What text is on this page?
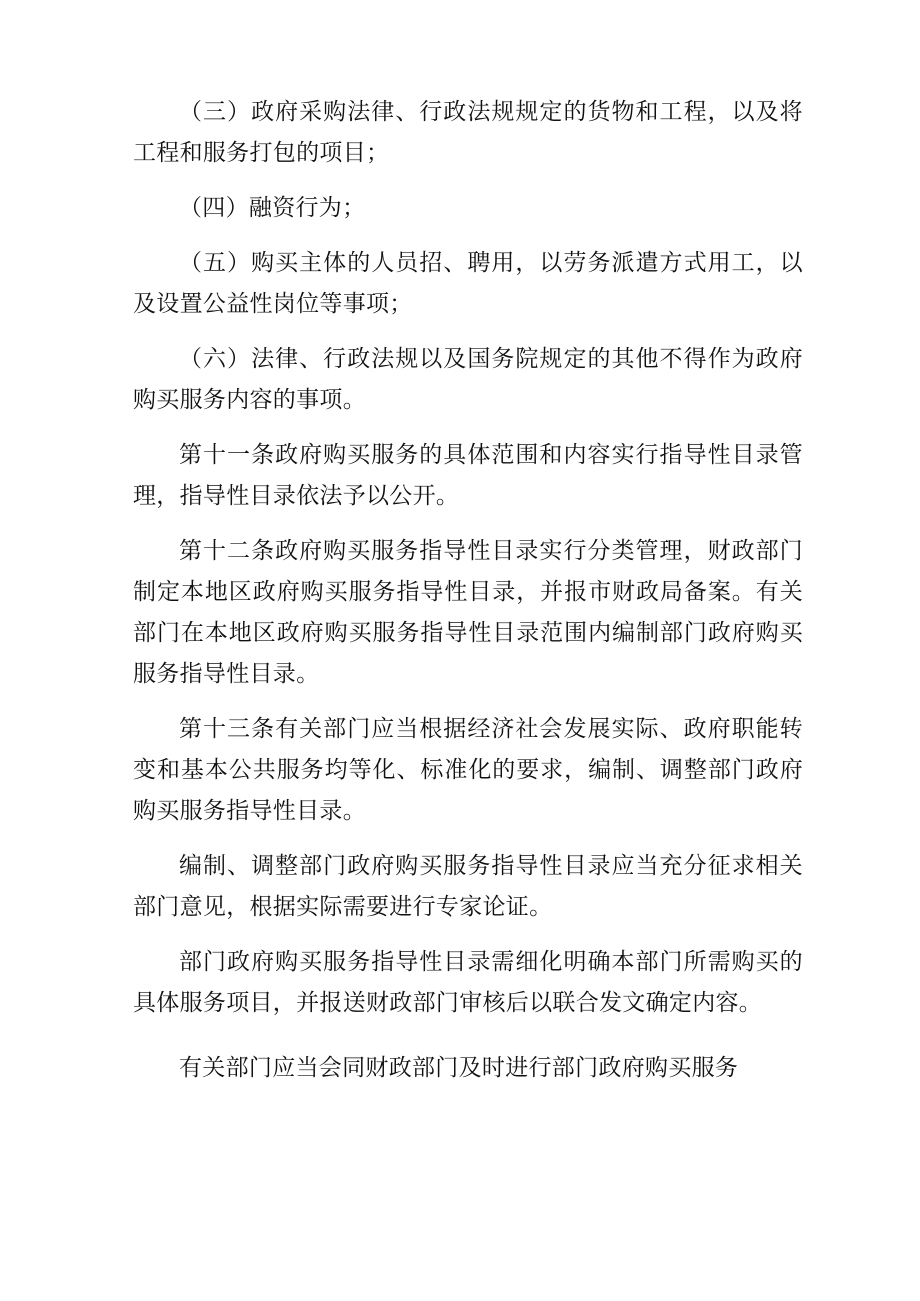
（三）政府采购法律、行政法规规定的货物和工程，以及将工程和服务打包的项目；

（四）融资行为；

（五）购买主体的人员招、聘用，以劳务派遣方式用工，以及设置公益性岗位等事项；

（六）法律、行政法规以及国务院规定的其他不得作为政府购买服务内容的事项。

第十一条政府购买服务的具体范围和内容实行指导性目录管理，指导性目录依法予以公开。

第十二条政府购买服务指导性目录实行分类管理，财政部门制定本地区政府购买服务指导性目录，并报市财政局备案。有关部门在本地区政府购买服务指导性目录范围内编制部门政府购买服务指导性目录。

第十三条有关部门应当根据经济社会发展实际、政府职能转变和基本公共服务均等化、标准化的要求，编制、调整部门政府购买服务指导性目录。

编制、调整部门政府购买服务指导性目录应当充分征求相关部门意见，根据实际需要进行专家论证。

部门政府购买服务指导性目录需细化明确本部门所需购买的具体服务项目，并报送财政部门审核后以联合发文确定内容。

有关部门应当会同财政部门及时进行部门政府购买服务
